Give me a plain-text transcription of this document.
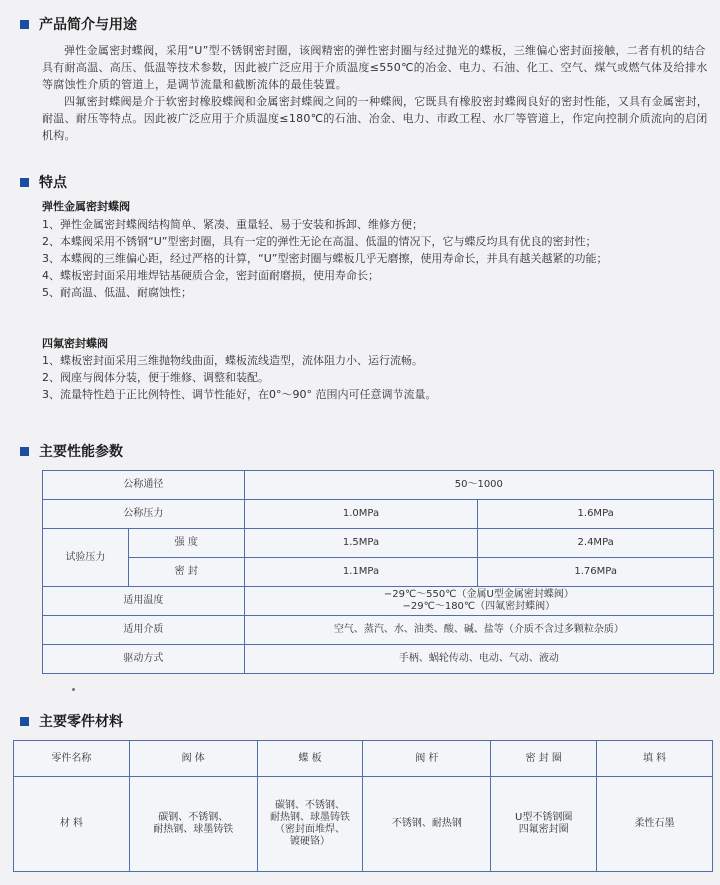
产品简介与用途
弹性金属密封蝶阀，采用“U”型不锈钢密封圈，该阀精密的弹性密封圈与经过抛光的蝶板，三维偏心密封面接触，二者有机的结合具有耐高温、高压、低温等技术参数，因此被广泛应用于介质温度≤550℃的冶金、电力、石油、化工、空气、煤气或燃气体及给排水等腐蚀性介质的管道上，是调节流量和截断流体的最佳装置。
四氟密封蝶阀是介于软密封橡胶蝶阀和金属密封蝶阀之间的一种蝶阀，它既具有橡胶密封蝶阀良好的密封性能，又具有金属密封，耐温、耐压等特点。因此被广泛应用于介质温度≤180℃的石油、冶金、电力、市政工程、水厂等管道上，作定向控制介质流向的启闭机构。
特点
弹性金属密封蝶阀
1、弹性金属密封蝶阀结构简单、紧凑、重量轻、易于安装和拆卸、维修方便；
2、本蝶阀采用不锈钢“U”型密封圈，具有一定的弹性无论在高温、低温的情况下，它与蝶反均具有优良的密封性；
3、本蝶阀的三维偏心距，经过严格的计算，“U”型密封圈与蝶板几乎无磨擦，使用寿命长，并具有越关越紧的功能；
4、蝶板密封面采用堆焊钴基硬质合金，密封面耐磨损，使用寿命长；
5、耐高温、低温、耐腐蚀性；
四氟密封蝶阀
1、蝶板密封面采用三维抛物线曲面，蝶板流线造型，流体阻力小、运行流畅。
2、阀座与阀体分装，便于维修、调整和装配。
3、流量特性趋于正比例特性、调节性能好，在0°～90° 范围内可任意调节流量。
主要性能参数
公称通径		50～1000	
公称压力		1.0MPa	1.6MPa
试验压力	强 度	1.5MPa	2.4MPa
	密 封	1.1MPa	1.76MPa
适用温度		−29℃～550℃（金属U型金属密封蝶阀）
−29℃～180℃（四氟密封蝶阀）	

适用介质		空气、蒸汽、水、油类、酸、碱、盐等（介质不含过多颗粒杂质）	
驱动方式		手柄、蜗轮传动、电动、气动、液动	
主要零件材料
零件名称	阀 体	蝶 板	阀 杆	密 封 圈	填 料
材 料	碳钢、不锈钢、
耐热钢、球墨铸铁	碳钢、不锈钢、
耐热钢、球墨铸铁
（密封面堆焊、
镀硬铬）	不锈钢、耐热钢	U型不锈钢圈
四氟密封圈	柔性石墨
